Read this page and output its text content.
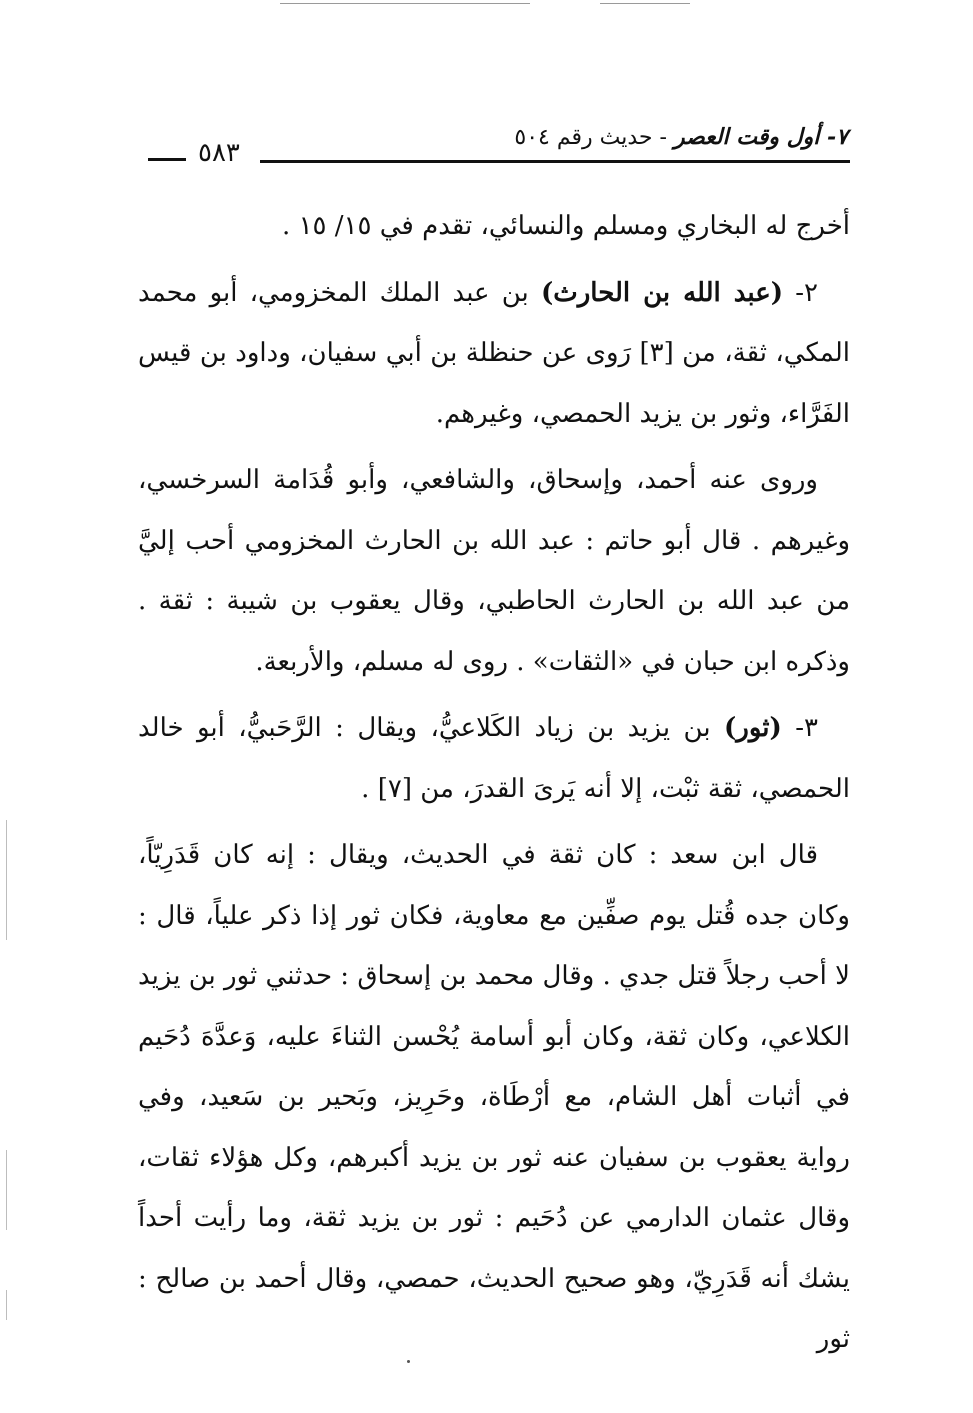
٥٨٣
٧- أول وقت العصر - حديث رقم ٥٠٤

أخرج له البخاري ومسلم والنسائي، تقدم في ١٥/ ١٥ .

٢- (عبد الله بن الحارث) بن عبد الملك المخزومي، أبو محمد المكي، ثقة، من [٣] رَوى عن حنظلة بن أبي سفيان، وداود بن قيس الفَرَّاء، وثور بن يزيد الحمصي، وغيرهم.

وروى عنه أحمد، وإسحاق، والشافعي، وأبو قُدَامة السرخسي، وغيرهم . قال أبو حاتم : عبد الله بن الحارث المخزومي أحب إليَّ من عبد الله بن الحارث الحاطبي، وقال يعقوب بن شيبة : ثقة . وذكره ابن حبان في «الثقات» . روى له مسلم، والأربعة.

٣- (ثور) بن يزيد بن زياد الكَلاعيُّ، ويقال : الرَّحَبيُّ، أبو خالد الحمصي، ثقة ثبْت، إلا أنه يَرىَ القدرَ، من [٧] .

قال ابن سعد : كان ثقة في الحديث، ويقال : إنه كان قَدَرِيّاً، وكان جده قُتل يوم صفِّين مع معاوية، فكان ثور إذا ذكر علياً، قال : لا أحب رجلاً قتل جدي . وقال محمد بن إسحاق : حدثني ثور بن يزيد الكلاعي، وكان ثقة، وكان أبو أسامة يُحْسن الثناءَ عليه، وَعدَّهَ دُحَيم في أثبات أهل الشام، مع أرْطَاة، وحَرِيز، وبَحير بن سَعيد، وفي رواية يعقوب بن سفيان عنه ثور بن يزيد أكبرهم، وكل هؤلاء ثقات، وقال عثمان الدارمي عن دُحَيم : ثور بن يزيد ثقة، وما رأيت أحداً يشك أنه قَدَرِيّ، وهو صحيح الحديث، حمصي، وقال أحمد بن صالح : ثور
